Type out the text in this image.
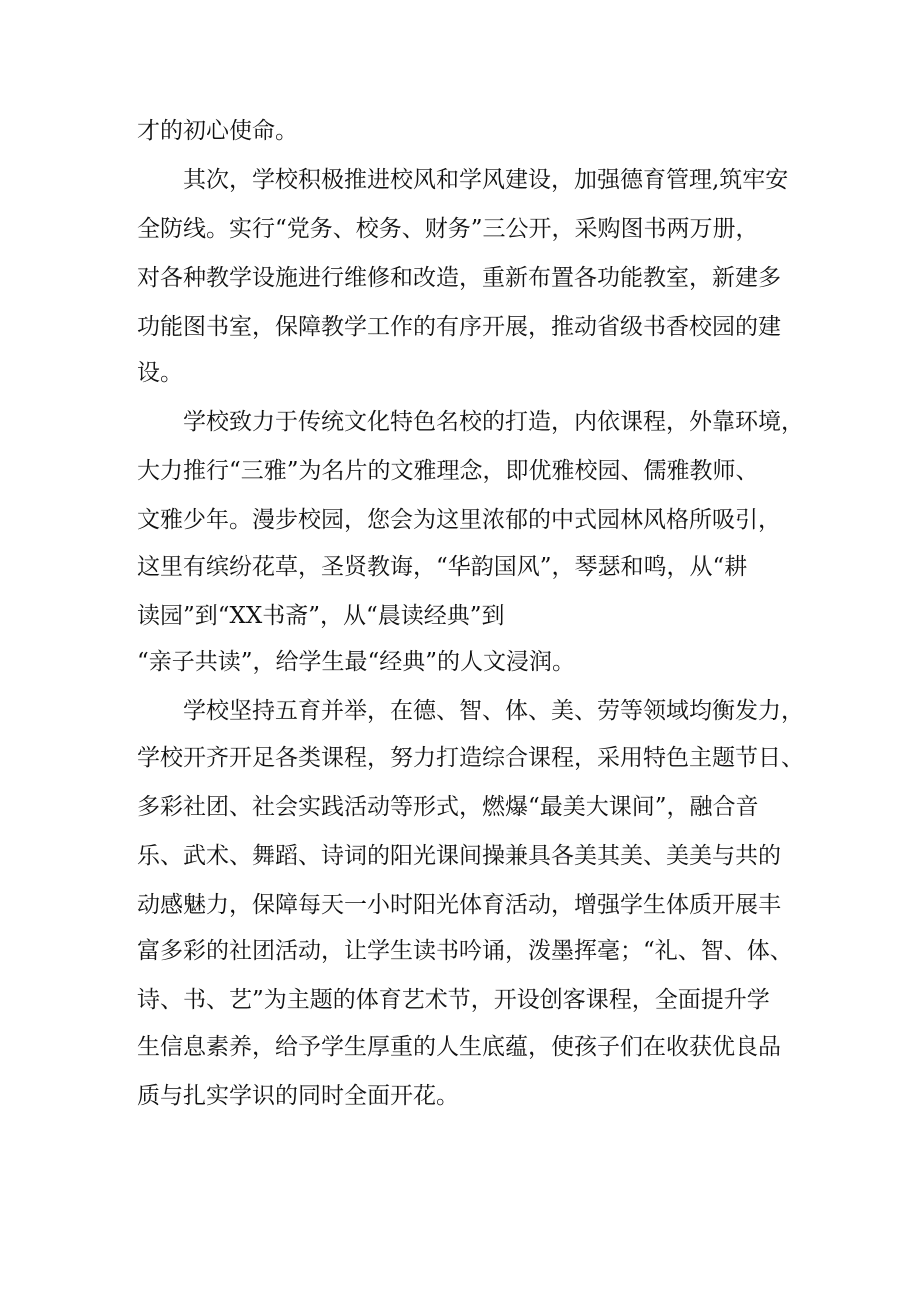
才的初心使命。
其次，学校积极推进校风和学风建设，加强德育管理,筑牢安
全防线。实行“党务、校务、财务”三公开，采购图书两万册，
对各种教学设施进行维修和改造，重新布置各功能教室，新建多
功能图书室，保障教学工作的有序开展，推动省级书香校园的建
设。
学校致力于传统文化特色名校的打造，内依课程，外靠环境，
大力推行“三雅”为名片的文雅理念，即优雅校园、儒雅教师、
文雅少年。漫步校园，您会为这里浓郁的中式园林风格所吸引，
这里有缤纷花草，圣贤教诲，“华韵国风”，琴瑟和鸣，从“耕
读园”到“XX书斋”，从“晨读经典”到
“亲子共读”，给学生最“经典”的人文浸润。
学校坚持五育并举，在德、智、体、美、劳等领域均衡发力，
学校开齐开足各类课程，努力打造综合课程，采用特色主题节日、
多彩社团、社会实践活动等形式，燃爆“最美大课间”，融合音
乐、武术、舞蹈、诗词的阳光课间操兼具各美其美、美美与共的
动感魅力，保障每天一小时阳光体育活动，增强学生体质开展丰
富多彩的社团活动，让学生读书吟诵，泼墨挥毫；“礼、智、体、
诗、书、艺”为主题的体育艺术节，开设创客课程，全面提升学
生信息素养，给予学生厚重的人生底蕴，使孩子们在收获优良品
质与扎实学识的同时全面开花。
